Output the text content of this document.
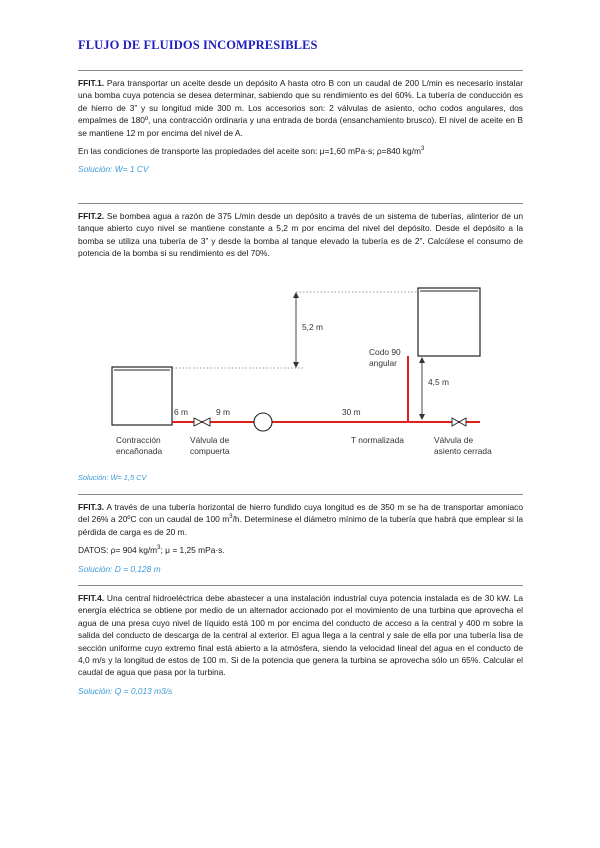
FLUJO DE FLUIDOS INCOMPRESIBLES

FFIT.1. Para transportar un aceite desde un depósito A hasta otro B con un caudal de 200 L/min es necesario instalar una bomba cuya potencia se desea determinar, sabiendo que su rendimiento es del 60%. La tubería de conducción es de hierro de 3” y su longitud mide 300 m. Los accesorios son: 2 válvulas de asiento, ocho codos angulares, dos empalmes de 180º, una contracción ordinaria y una entrada de borda (ensanchamiento brusco). El nivel de aceite en B se mantiene 12 m por encima del nivel de A.

En las condiciones de transporte las propiedades del aceite son: μ=1,60 mPa·s; ρ=840 $kg/m^3$

Solución: Ẇ= 1 CV

FFIT.2. Se bombea agua a razón de 375 L/min desde un depósito a través de un sistema de tuberías, alinterior de un tanque abierto cuyo nivel se mantiene constante a 5,2 m por encima del nivel del depósito. Desde el depósito a la bomba se utiliza una tubería de 3” y desde la bomba al tanque elevado la tubería es de 2”. Calcúlese el consumo de potencia de la bomba si su rendimiento es del 70%.

5,2 m
4,5 m
Codo 90
angular
6 m	9 m	30 m
Contracción
encañonada
Válvula de
compuerta
T normalizada	Válvula de
asiento cerrada

Solución: Ẇ= 1,5 CV

FFIT.3. A través de una tubería horizontal de hierro fundido cuya longitud es de 350 m se ha de transportar amoniaco del 26% a 20ºC con un caudal de 100 $m^3/h$. Determínese el diámetro mínimo de la tubería que habrá que emplear si la pérdida de carga es de 20 m.

DATOS: ρ= 904 $kg/m^3$; μ = 1,25 mPa·s.

Solución: D = 0,128 m

FFIT.4. Una central hidroeléctrica debe abastecer a una instalación industrial cuya potencia instalada es de 30 kW. La energía eléctrica se obtiene por medio de un alternador accionado por el movimiento de una turbina que aprovecha el agua de una presa cuyo nivel de líquido está 100 m por encima del conducto de acceso a la central y 400 m sobre la salida del conducto de descarga de la central al exterior. El agua llega a la central y sale de ella por una tubería lisa de sección uniforme cuyo extremo final está abierto a la atmósfera, siendo la velocidad lineal del agua en el conducto de 4,0 m/s y la longitud de estos de 100 m. Si de la potencia que genera la turbina se aprovecha sólo un 65%. Calcular el caudal de agua que pasa por la turbina.

Solución: Q = 0,013 m3/s
